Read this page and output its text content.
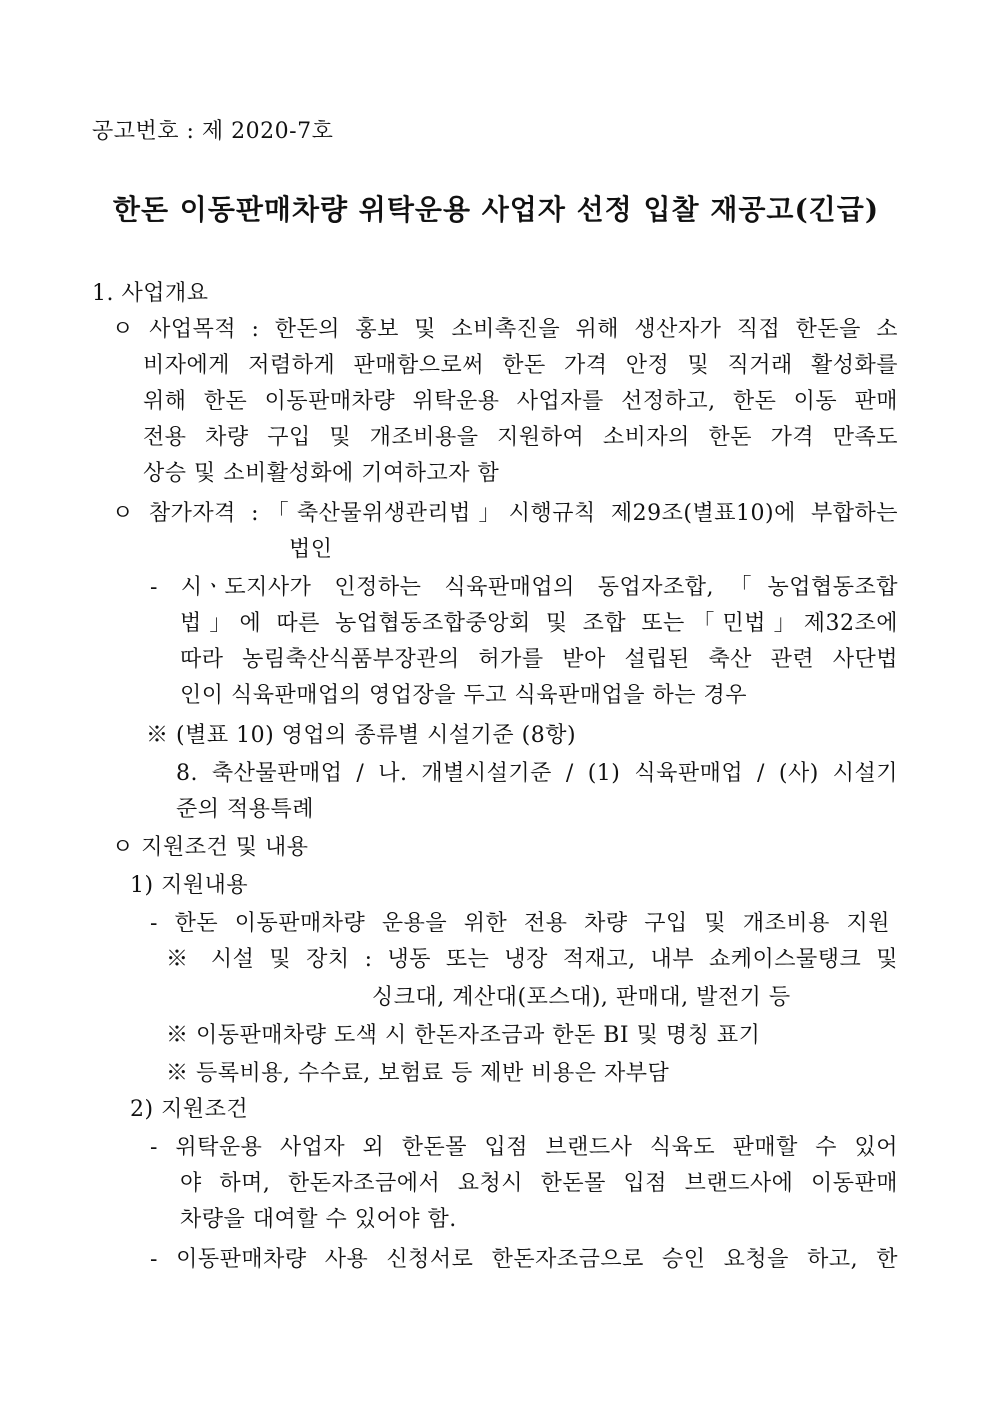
공고번호 : 제 2020-7호
한돈 이동판매차량 위탁운용 사업자 선정 입찰 재공고(긴급)
1. 사업개요
ㅇ 사업목적 : 한돈의 홍보 및 소비촉진을 위해 생산자가 직접 한돈을 소
비자에게 저렴하게 판매함으로써 한돈 가격 안정 및 직거래 활성화를
위해 한돈 이동판매차량 위탁운용 사업자를 선정하고, 한돈 이동 판매
전용 차량 구입 및 개조비용을 지원하여 소비자의 한돈 가격 만족도
상승 및 소비활성화에 기여하고자 함
ㅇ 참가자격 :「축산물위생관리법」시행규칙 제29조(별표10)에 부합하는
법인
- 시ㆍ도지사가 인정하는 식육판매업의 동업자조합,「농업협동조합
법」에 따른 농업협동조합중앙회 및 조합 또는「민법」제32조에
따라 농림축산식품부장관의 허가를 받아 설립된 축산 관련 사단법
인이 식육판매업의 영업장을 두고 식육판매업을 하는 경우
※ (별표 10) 영업의 종류별 시설기준 (8항)
8. 축산물판매업 / 나. 개별시설기준 / (1) 식육판매업 / (사) 시설기
준의 적용특례
ㅇ 지원조건 및 내용
1) 지원내용
- 한돈 이동판매차량 운용을 위한 전용 차량 구입 및 개조비용 지원
※ 시설 및 장치 : 냉동 또는 냉장 적재고, 내부 쇼케이스물탱크 및
싱크대, 계산대(포스대), 판매대, 발전기 등
※ 이동판매차량 도색 시 한돈자조금과 한돈 BI 및 명칭 표기
※ 등록비용, 수수료, 보험료 등 제반 비용은 자부담
2) 지원조건
- 위탁운용 사업자 외 한돈몰 입점 브랜드사 식육도 판매할 수 있어
야 하며, 한돈자조금에서 요청시 한돈몰 입점 브랜드사에 이동판매
차량을 대여할 수 있어야 함.
- 이동판매차량 사용 신청서로 한돈자조금으로 승인 요청을 하고, 한
